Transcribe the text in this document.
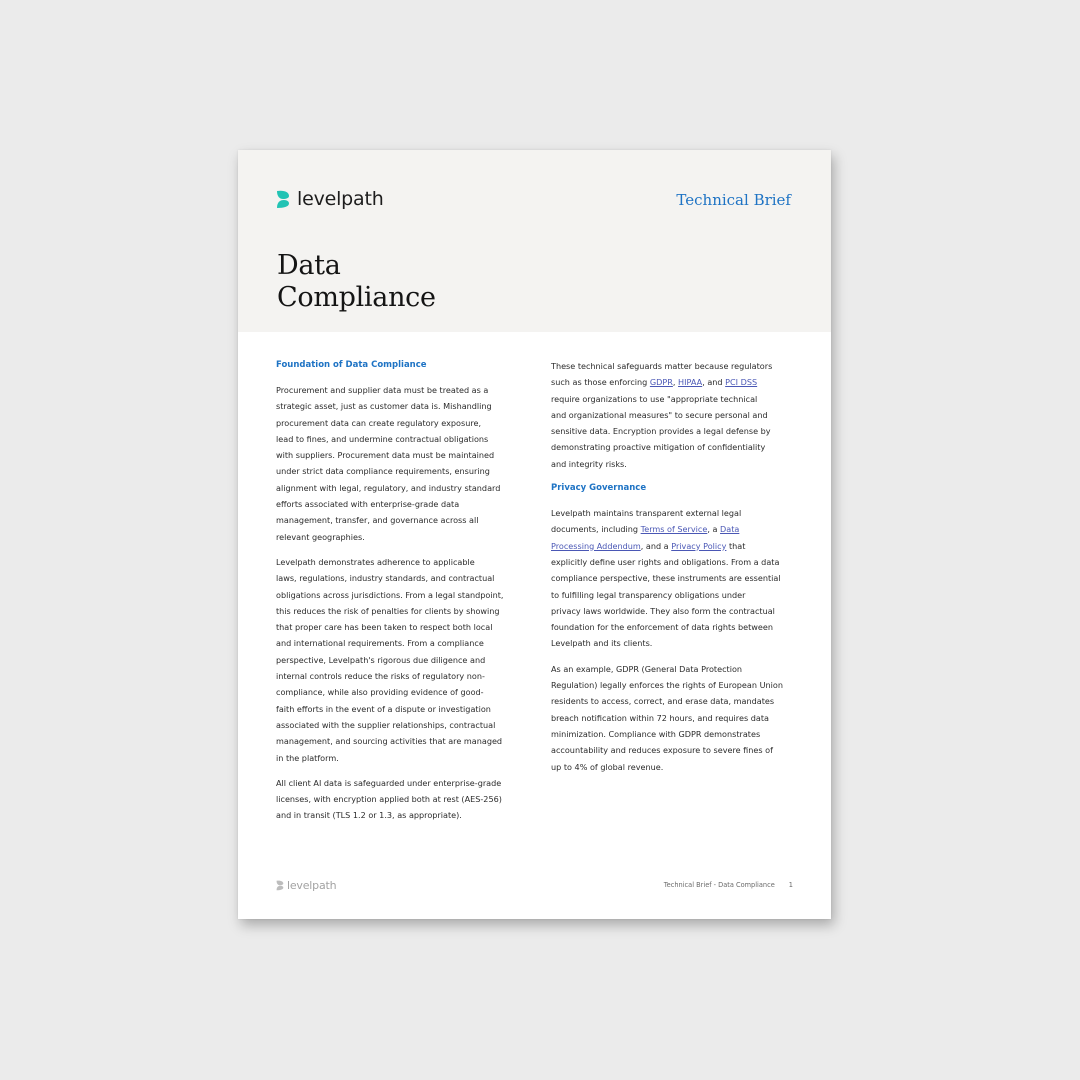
levelpath	Technical Brief
Data
Compliance
Foundation of Data Compliance

Procurement and supplier data must be treated as a
strategic asset, just as customer data is. Mishandling
procurement data can create regulatory exposure,
lead to fines, and undermine contractual obligations
with suppliers. Procurement data must be maintained
under strict data compliance requirements, ensuring
alignment with legal, regulatory, and industry standard
efforts associated with enterprise-grade data
management, transfer, and governance across all
relevant geographies.

Levelpath demonstrates adherence to applicable
laws, regulations, industry standards, and contractual
obligations across jurisdictions. From a legal standpoint,
this reduces the risk of penalties for clients by showing
that proper care has been taken to respect both local
and international requirements. From a compliance
perspective, Levelpath's rigorous due diligence and
internal controls reduce the risks of regulatory non-
compliance, while also providing evidence of good-
faith efforts in the event of a dispute or investigation
associated with the supplier relationships, contractual
management, and sourcing activities that are managed
in the platform.

All client AI data is safeguarded under enterprise-grade
licenses, with encryption applied both at rest (AES-256)
and in transit (TLS 1.2 or 1.3, as appropriate).

These technical safeguards matter because regulators
such as those enforcing GDPR, HIPAA, and PCI DSS
require organizations to use "appropriate technical
and organizational measures" to secure personal and
sensitive data. Encryption provides a legal defense by
demonstrating proactive mitigation of confidentiality
and integrity risks.

Privacy Governance

Levelpath maintains transparent external legal
documents, including Terms of Service, a Data
Processing Addendum, and a Privacy Policy that
explicitly define user rights and obligations. From a data
compliance perspective, these instruments are essential
to fulfilling legal transparency obligations under
privacy laws worldwide. They also form the contractual
foundation for the enforcement of data rights between
Levelpath and its clients.

As an example, GDPR (General Data Protection
Regulation) legally enforces the rights of European Union
residents to access, correct, and erase data, mandates
breach notification within 72 hours, and requires data
minimization. Compliance with GDPR demonstrates
accountability and reduces exposure to severe fines of
up to 4% of global revenue.

levelpath	Technical Brief - Data Compliance 1
